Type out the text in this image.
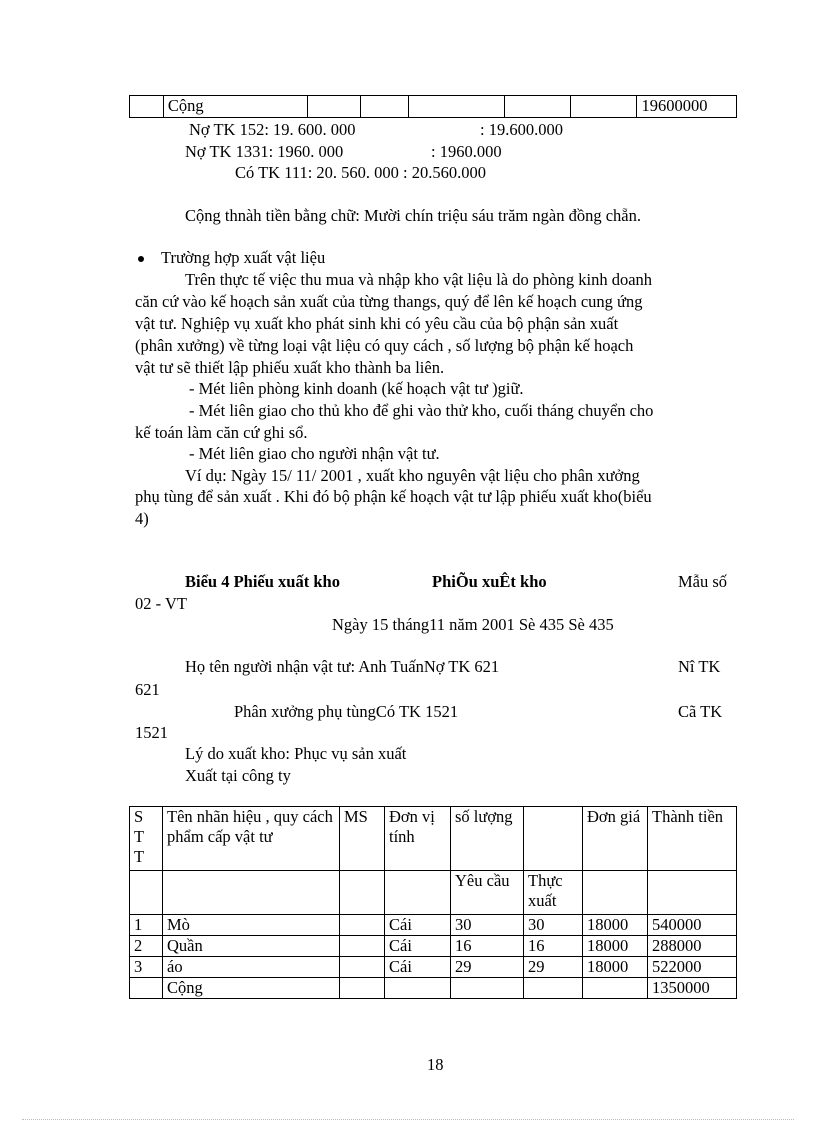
	Cộng						19600000
Nợ TK 152: 19. 600. 000	: 19.600.000
Nợ TK 1331: 1960. 000	: 1960.000
Có TK 111: 20. 560. 000 : 20.560.000
Cộng thnàh tiền bằng chữ: Mười chín triệu sáu trăm ngàn đồng chẵn.
Trường hợp xuất vật liệu
Trên thực tế việc thu mua và nhập kho vật liệu là do phòng kinh doanh
căn cứ vào kế hoạch sản xuất của từng thangs, quý để lên kế hoạch cung ứng
vật tư. Nghiệp vụ xuất kho phát sinh khi có yêu cầu của bộ phận sản xuất
(phân xưởng) về từng loại vật liệu có quy cách , số lượng bộ phận kế hoạch
vật tư sẽ thiết lập phiếu xuất kho thành ba liên.
- Mét liên phòng kinh doanh (kế hoạch vật tư )giữ.
- Mét liên giao cho thủ kho để ghi vào thử kho, cuối tháng chuyển cho
kế toán làm căn cứ ghi sổ.
- Mét liên giao cho người nhận vật tư.
Ví dụ: Ngày 15/ 11/ 2001 , xuất kho nguyên vật liệu cho phân xưởng
phụ tùng để sản xuất . Khi đó bộ phận kế hoạch vật tư lập phiếu xuất kho(biểu
4)
Biểu 4 Phiếu xuất kho	PhiÕu xuÊt kho	Mẫu số
02 - VT
Ngày 15 tháng11 năm 2001 Sè 435 Sè 435
Họ tên người nhận vật tư: Anh TuấnNợ TK 621	Nî TK
621
Phân xưởng phụ tùngCó TK 1521	Cã TK
1521
Lý do xuất kho: Phục vụ sản xuất
Xuất tại công ty
S
T
T	Tên nhãn hiệu , quy cách phẩm cấp vật tư	MS	Đơn vị tính	số lượng		Đơn giá	Thành tiền
				Yêu cầu	Thực xuất		
1	Mò		Cái	30	30	18000	540000
2	Quần		Cái	16	16	18000	288000
3	áo		Cái	29	29	18000	522000
	Cộng						1350000
18
